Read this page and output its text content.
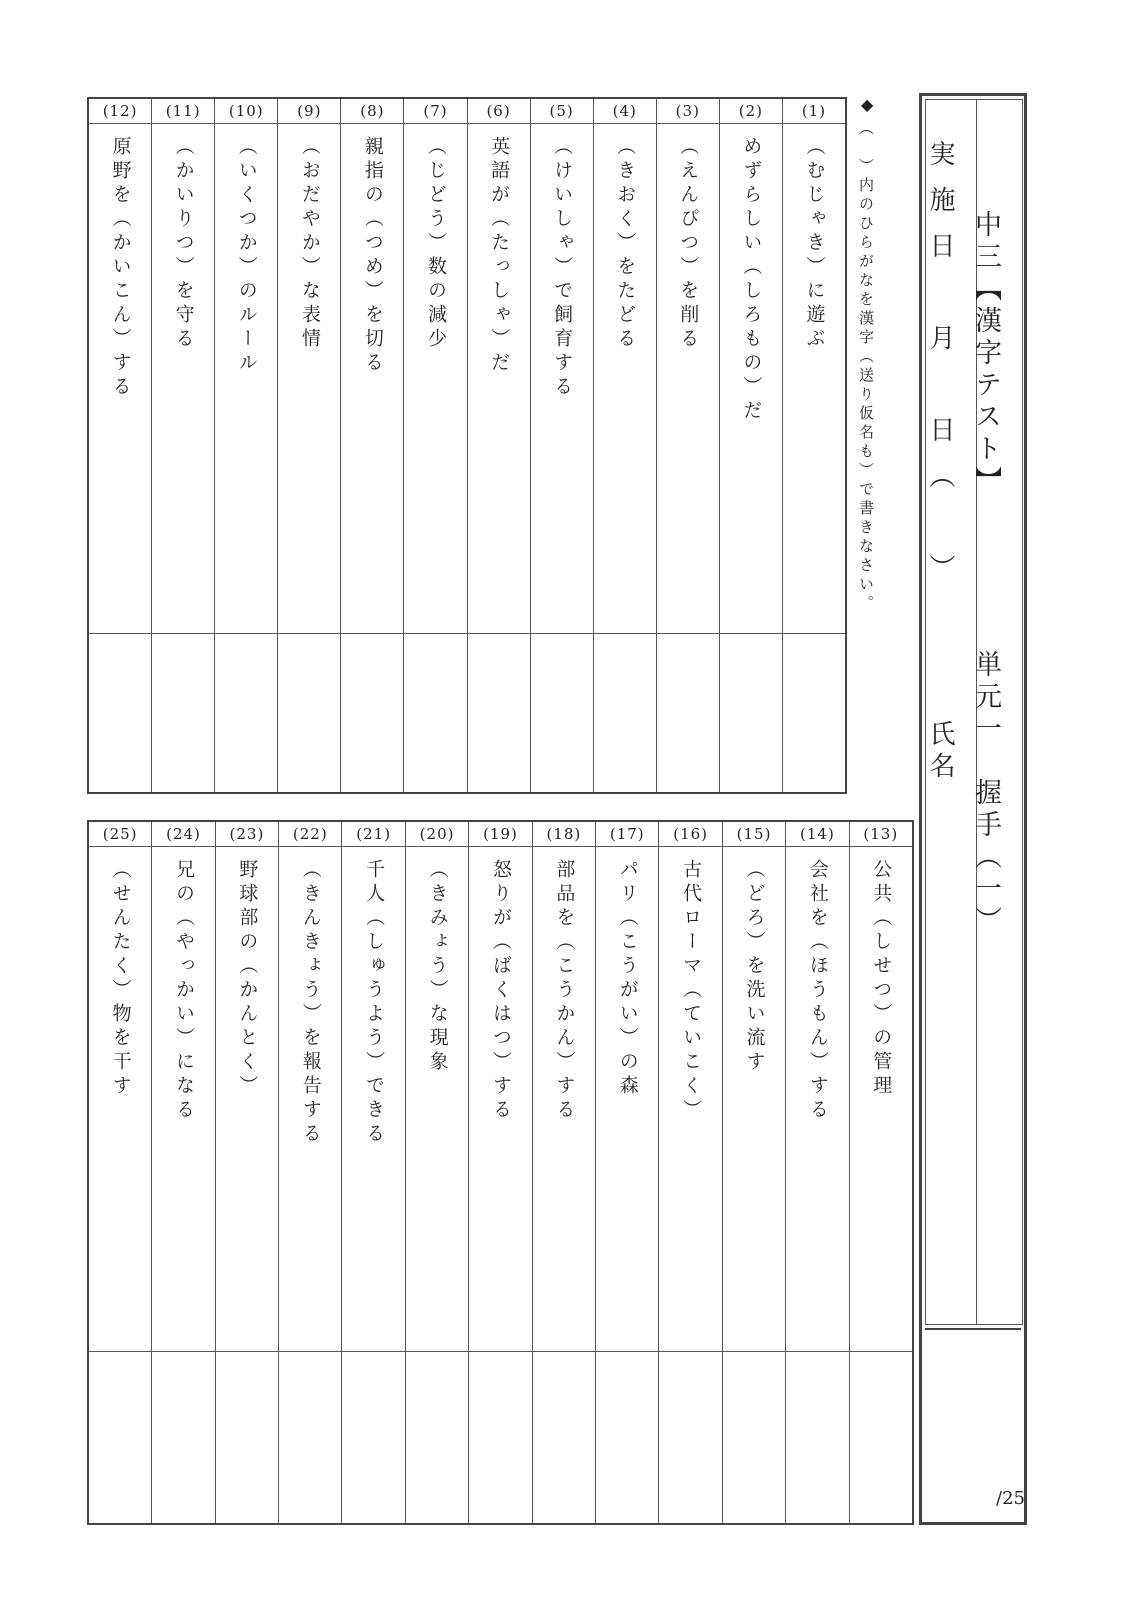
(1)
（むじゃき）に遊ぶ
(2)
めずらしい（しろもの）だ
(3)
（えんぴつ）を削る
(4)
（きおく）をたどる
(5)
（けいしゃ）で飼育する
(6)
英語が（たっしゃ）だ
(7)
（じどう）数の減少
(8)
親指の（つめ）を切る
(9)
（おだやか）な表情
(10)
（いくつか）のルール
(11)
（かいりつ）を守る
(12)
原野を（かいこん）する
(13)
公共（しせつ）の管理
(14)
会社を（ほうもん）する
(15)
（どろ）を洗い流す
(16)
古代ローマ（ていこく）
(17)
パリ（こうがい）の森
(18)
部品を（こうかん）する
(19)
怒りが（ばくはつ）する
(20)
（きみょう）な現象
(21)
千人（しゅうよう）できる
(22)
（きんきょう）を報告する
(23)
野球部の（かんとく）
(24)
兄の（やっかい）になる
(25)
（せんたく）物を干す
◆
（　）内のひらがなを漢字（送り仮名も）で書きなさい。	中三【漢字テスト】
単元一　握手（一）
実施日　月　日（　）
氏名
/25
